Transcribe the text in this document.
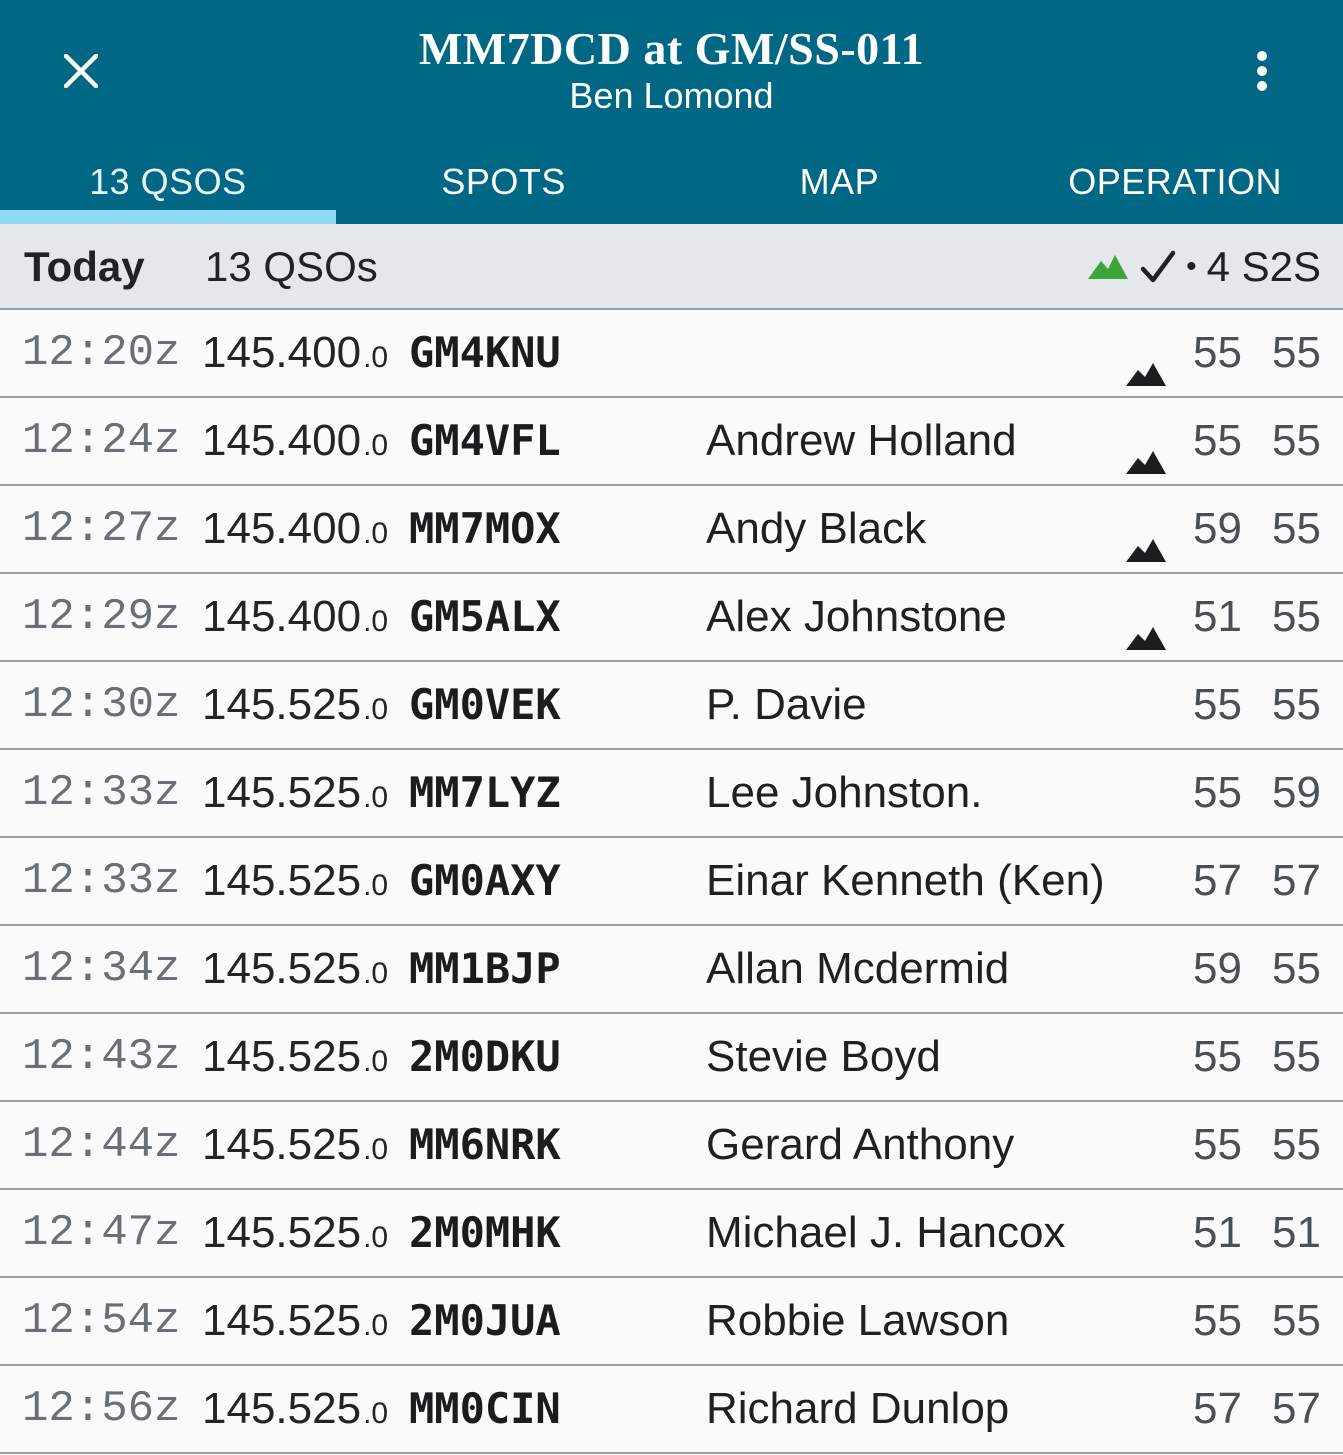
MM7DCD at GM/SS-011
Ben Lomond
13 QSOS	SPOTS	MAP	OPERATION
Today 13 QSOs	• 4 S2S
12:20z 145.400.0 GM4KNU	55 55
12:24z 145.400.0 GM4VFL	Andrew Holland	55 55
12:27z 145.400.0 MM7MOX	Andy Black	59 55
12:29z 145.400.0 GM5ALX	Alex Johnstone	51 55
12:30z 145.525.0 GM0VEK	P. Davie	55 55
12:33z 145.525.0 MM7LYZ	Lee Johnston.	55 59
12:33z 145.525.0 GM0AXY	Einar Kenneth (Ken) 57 57
12:34z 145.525.0 MM1BJP	Allan Mcdermid	59 55
12:43z 145.525.0 2M0DKU	Stevie Boyd	55 55
12:44z 145.525.0 MM6NRK	Gerard Anthony	55 55
12:47z 145.525.0 2M0MHK	Michael J. Hancox	51 51
12:54z 145.525.0 2M0JUA	Robbie Lawson	55 55
12:56z 145.525.0 MM0CIN	Richard Dunlop	57 57
